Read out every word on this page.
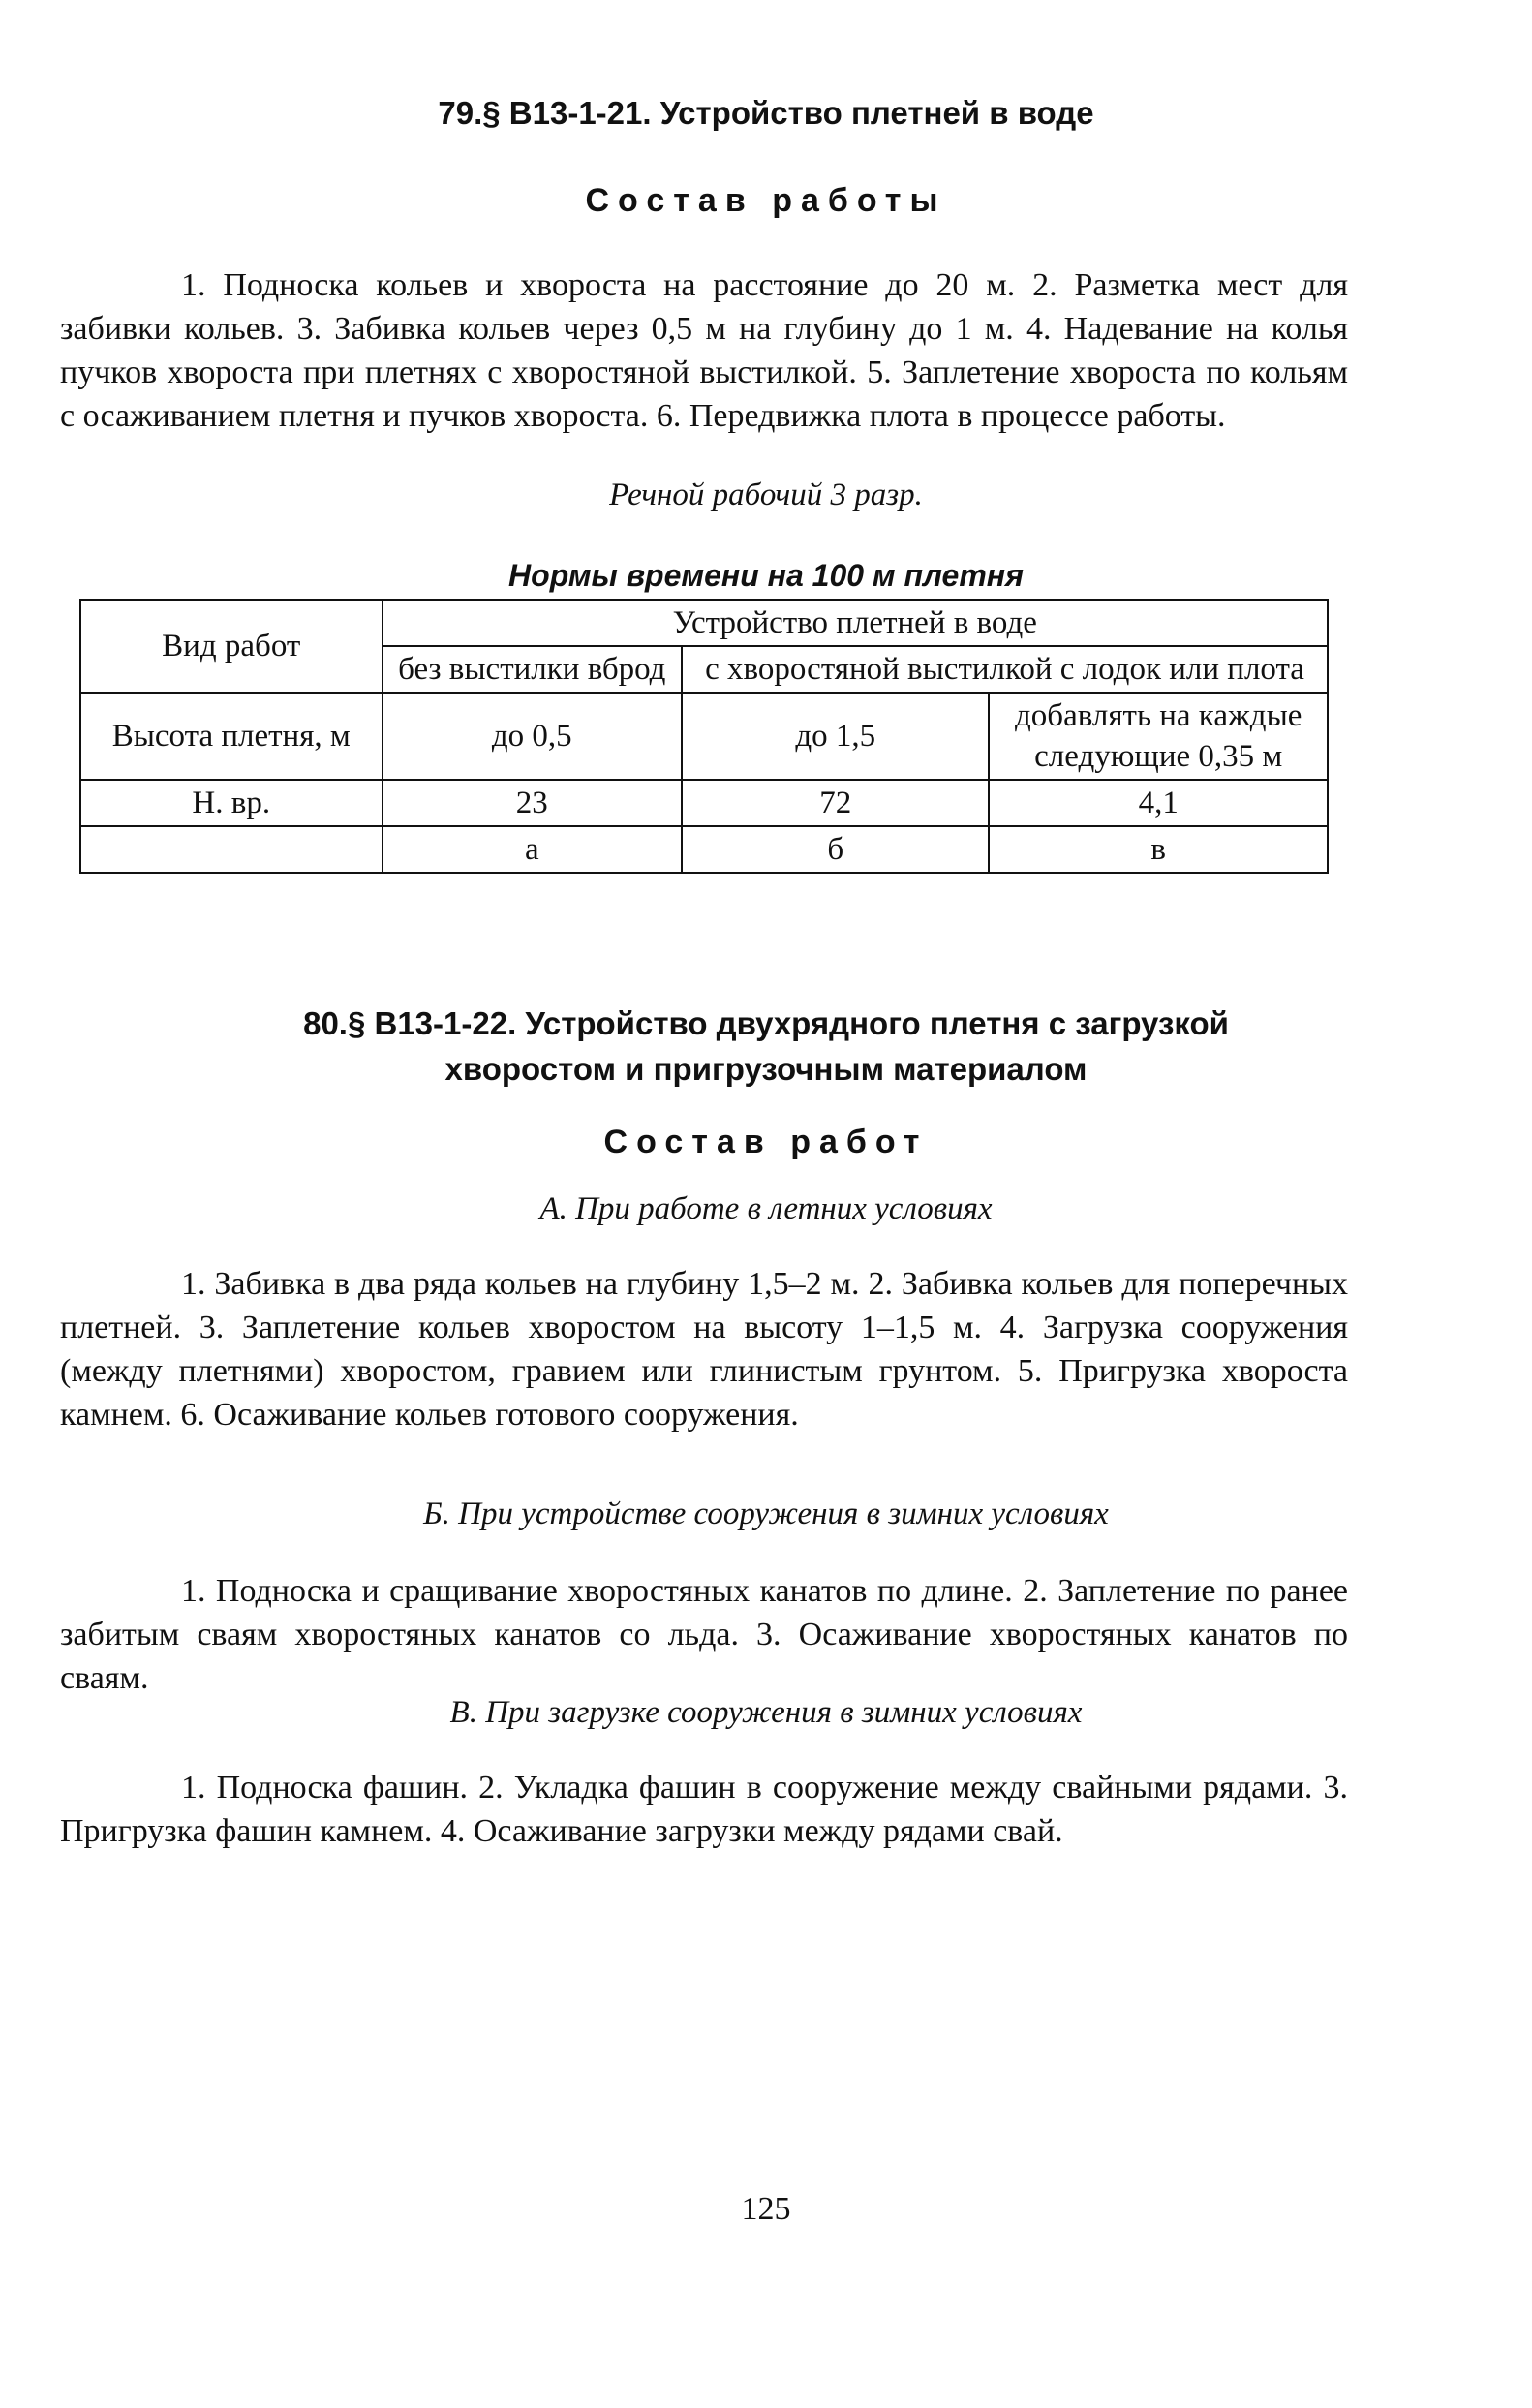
79.§ В13-1-21. Устройство плетней в воде
Состав работы

1. Подноска кольев и хвороста на расстояние до 20 м. 2. Разметка мест для забивки кольев. 3. Забивка кольев через 0,5 м на глубину до 1 м. 4. Надевание на колья пучков хвороста при плетнях с хворостяной выстилкой. 5. Заплетение хвороста по кольям с осаживанием плетня и пучков хвороста. 6. Передвижка плота в процессе работы.

Речной рабочий 3 разр.
Нормы времени на 100 м плетня
Вид работ	Устройство плетней в воде		
	без выстилки вброд	с хворостяной выстилкой с лодок или плота	
Высота плетня, м	до 0,5	до 1,5	добавлять на каждые следующие 0,35 м
Н. вр.	23	72	4,1
	а	б	в
80.§ В13-1-22. Устройство двухрядного плетня с загрузкой
хворостом и пригрузочным материалом
Состав работ
А. При работе в летних условиях

1. Забивка в два ряда кольев на глубину 1,5–2 м. 2. Забивка кольев для поперечных плетней. 3. Заплетение кольев хворостом на высоту 1–1,5 м. 4. Загрузка сооружения (между плетнями) хворостом, гравием или глинистым грунтом. 5. Пригрузка хвороста камнем. 6. Осаживание кольев готового сооружения.

Б. При устройстве сооружения в зимних условиях

1. Подноска и сращивание хворостяных канатов по длине. 2. Заплетение по ранее забитым сваям хворостяных канатов со льда. 3. Осаживание хворостяных канатов по сваям.

В. При загрузке сооружения в зимних условиях

1. Подноска фашин. 2. Укладка фашин в сооружение между свайными рядами. 3. Пригрузка фашин камнем. 4. Осаживание загрузки между рядами свай.

125
